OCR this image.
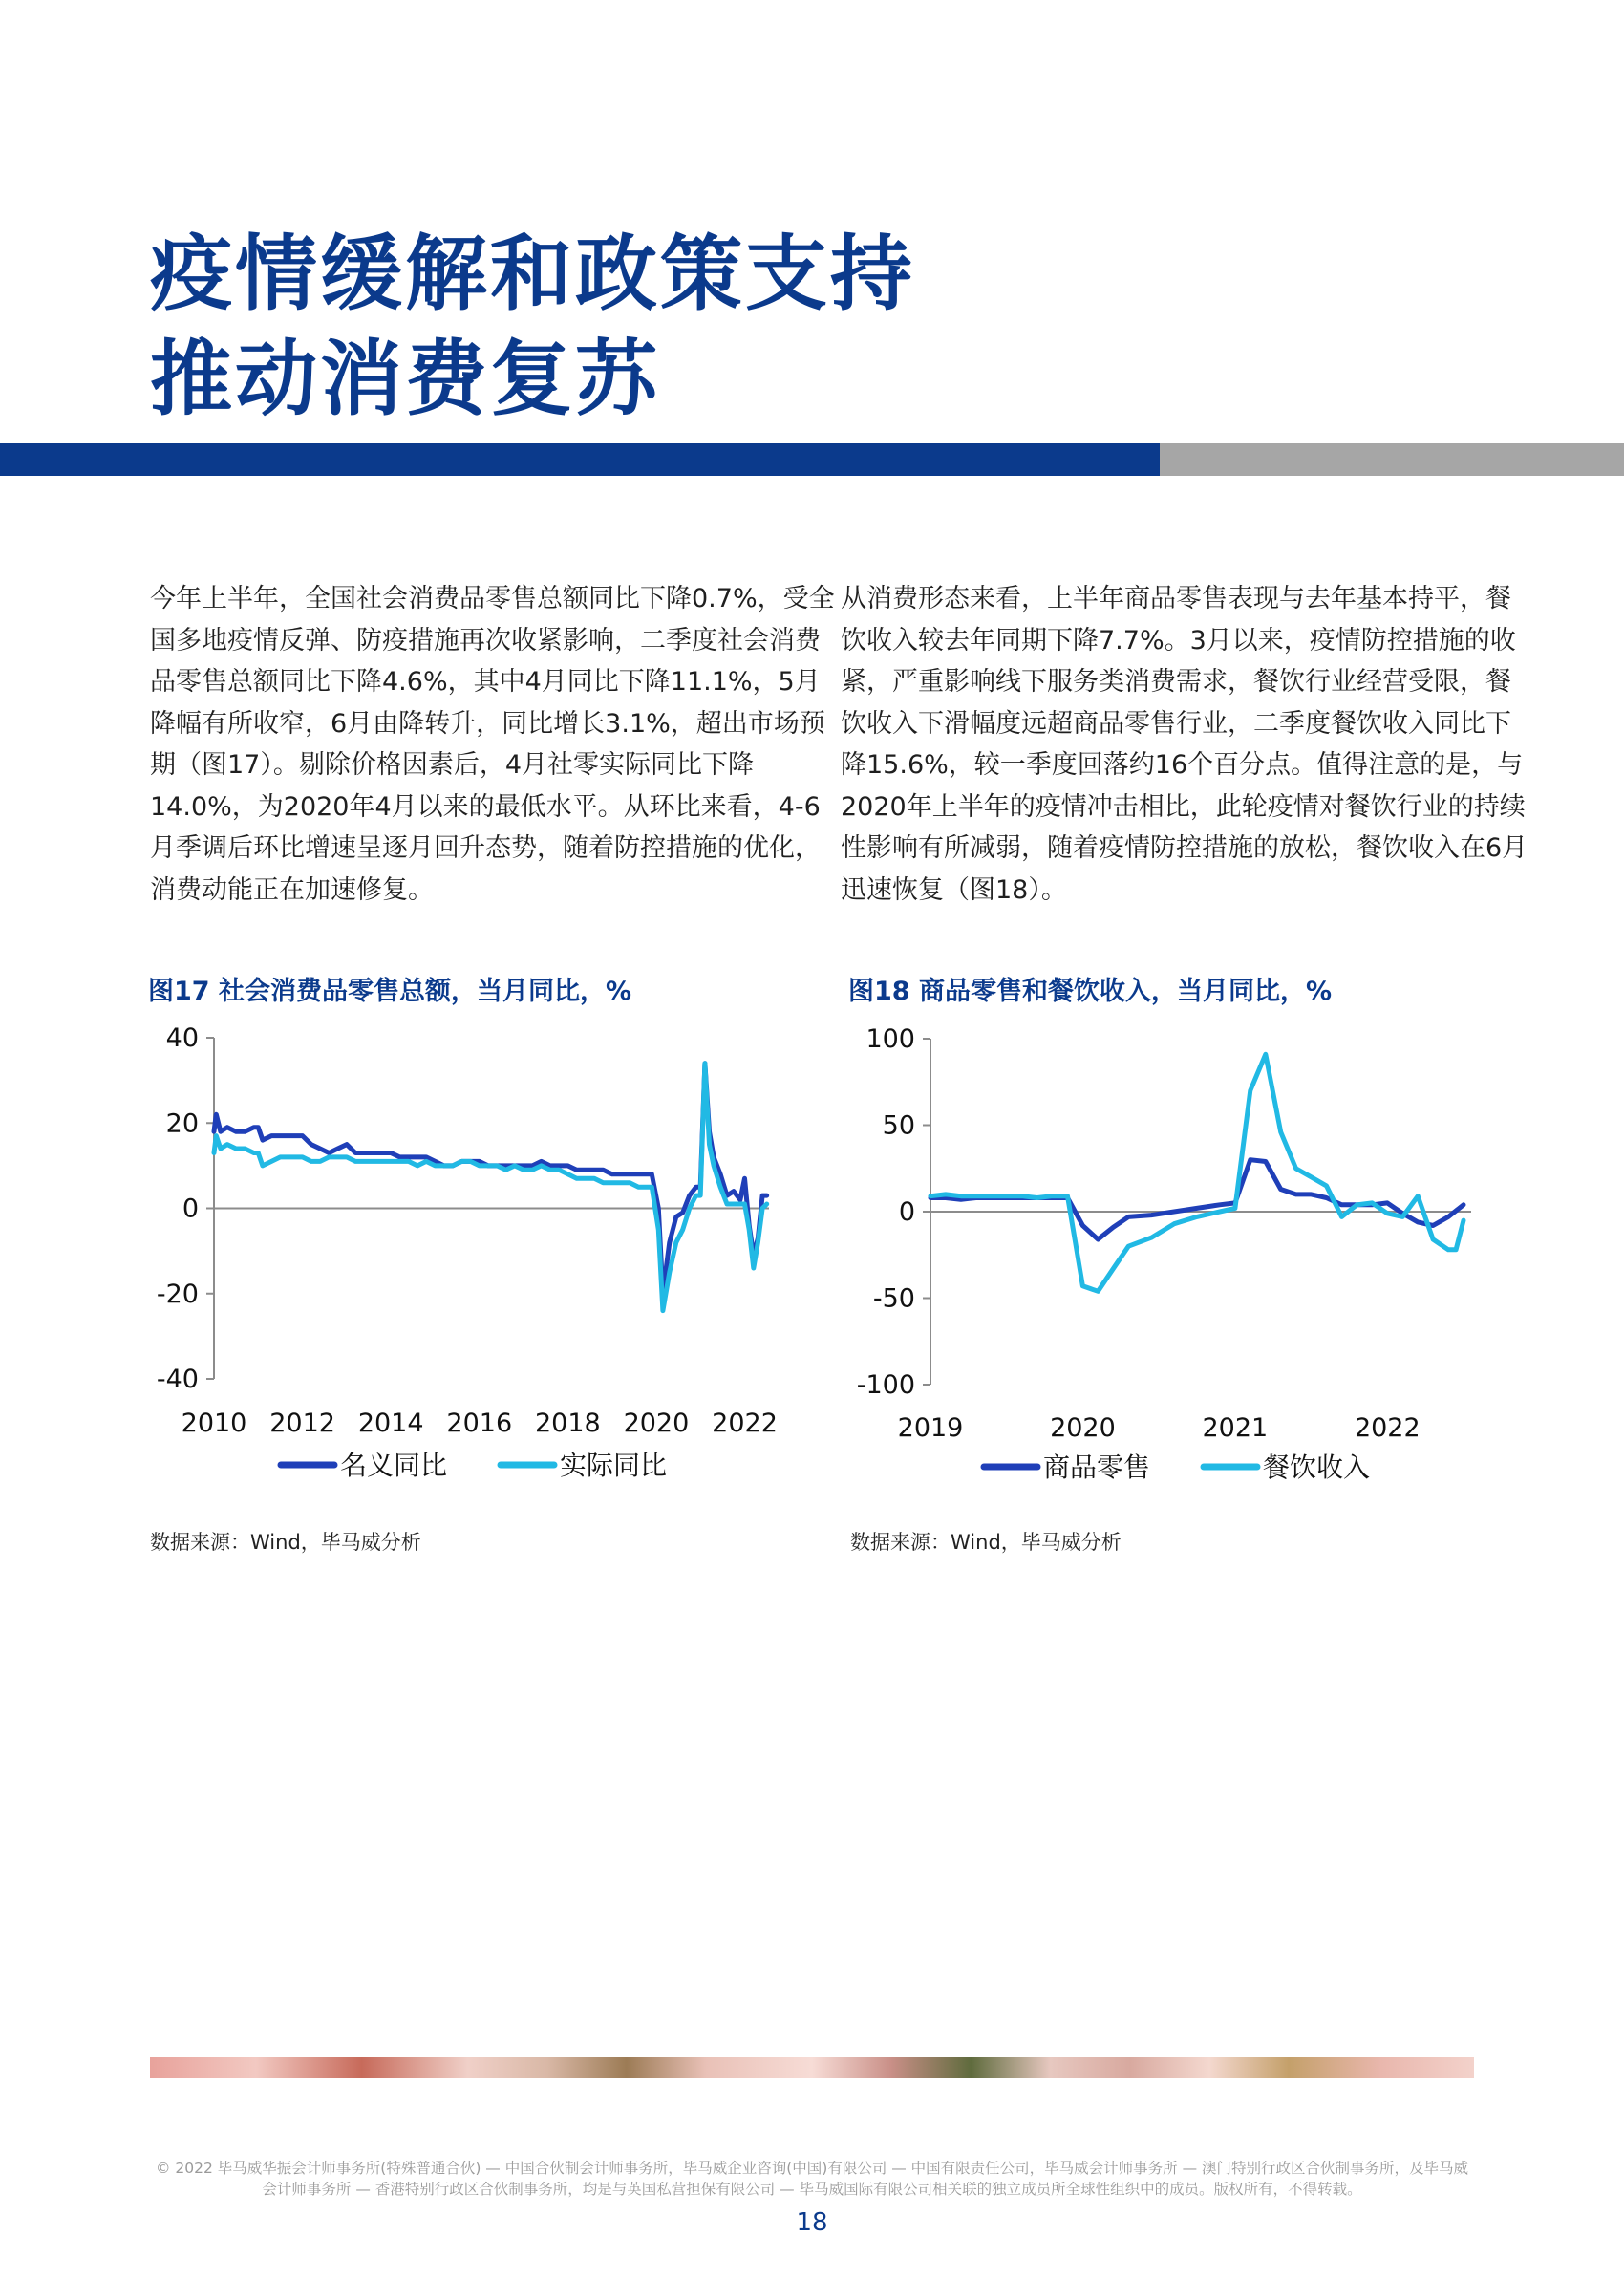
疫情缓解和政策支持
推动消费复苏
今年上半年，全国社会消费品零售总额同比下降0.7%，受全国多地疫情反弹、防疫措施再次收紧影响，二季度社会消费品零售总额同比下降4.6%，其中4月同比下降11.1%，5月降幅有所收窄，6月由降转升，同比增长3.1%，超出市场预期（图17）。剔除价格因素后，4月社零实际同比下降14.0%，为2020年4月以来的最低水平。从环比来看，4-6月季调后环比增速呈逐月回升态势，随着防控措施的优化，消费动能正在加速修复。
从消费形态来看，上半年商品零售表现与去年基本持平，餐饮收入较去年同期下降7.7%。3月以来，疫情防控措施的收紧，严重影响线下服务类消费需求，餐饮行业经营受限，餐饮收入下滑幅度远超商品零售行业，二季度餐饮收入同比下降15.6%，较一季度回落约16个百分点。值得注意的是，与2020年上半年的疫情冲击相比，此轮疫情对餐饮行业的持续性影响有所减弱，随着疫情防控措施的放松，餐饮收入在6月迅速恢复（图18）。
图17 社会消费品零售总额，当月同比，%	图18 商品零售和餐饮收入，当月同比，%
40
20
0
-20
-40
2010 2012 2014 2016 2018 2020 2022
名义同比	实际同比
100
50
0
-50
-100
2019	2020	2021	2022
商品零售	餐饮收入
数据来源：Wind，毕马威分析	数据来源：Wind，毕马威分析
© 2022 毕马威华振会计师事务所(特殊普通合伙) — 中国合伙制会计师事务所，毕马威企业咨询(中国)有限公司 — 中国有限责任公司，毕马威会计师事务所 — 澳门特别行政区合伙制事务所，及毕马威会计师事务所 — 香港特别行政区合伙制事务所，均是与英国私营担保有限公司 — 毕马威国际有限公司相关联的独立成员所全球性组织中的成员。版权所有，不得转载。
18
